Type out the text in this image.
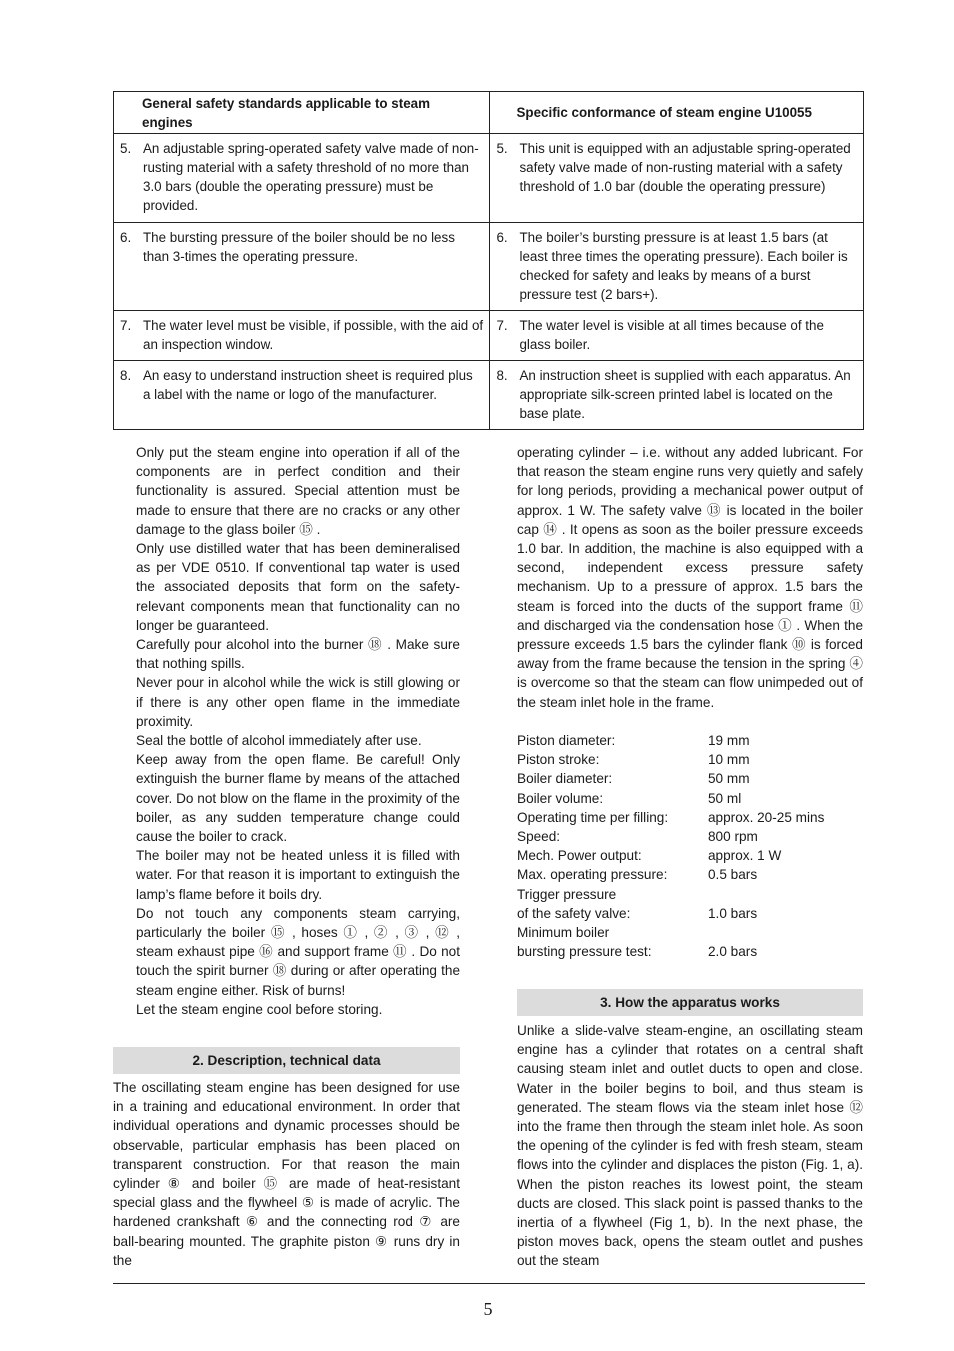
General safety standards applicable to steam engines	Specific conformance of steam engine U10055

5. An adjustable spring-operated safety valve made of non-rusting material with a safety threshold of no more than 3.0 bars (double the operating pressure) must be provided.	5. This unit is equipped with an adjustable spring-operated safety valve made of non-rusting material with a safety threshold of 1.0 bar (double the operating pressure)

6. The bursting pressure of the boiler should be no less than 3-times the operating pressure.	6. The boiler’s bursting pressure is at least 1.5 bars (at least three times the operating pressure). Each boiler is checked for safety and leaks by means of a burst pressure test (2 bars+).

7. The water level must be visible, if possible, with the aid of an inspection window.	7. The water level is visible at all times because of the glass boiler.

8. An easy to understand instruction sheet is required plus a label with the name or logo of the manufacturer.	8. An instruction sheet is supplied with each apparatus. An appropriate silk-screen printed label is located on the base plate.

Only put the steam engine into operation if all of the components are in perfect condition and their functionality is assured. Special attention must be made to ensure that there are no cracks or any other damage to the glass boiler ⑮ .

Only use distilled water that has been demineralised as per VDE 0510. If conventional tap water is used the associated deposits that form on the safety-relevant components mean that functionality can no longer be guaranteed.

Carefully pour alcohol into the burner ⑱ . Make sure that nothing spills.

Never pour in alcohol while the wick is still glowing or if there is any other open flame in the immediate proximity.

Seal the bottle of alcohol immediately after use.

Keep away from the open flame. Be careful! Only extinguish the burner flame by means of the attached cover. Do not blow on the flame in the proximity of the boiler, as any sudden temperature change could cause the boiler to crack.

The boiler may not be heated unless it is filled with water. For that reason it is important to extinguish the lamp’s flame before it boils dry.

Do not touch any components steam carrying, particularly the boiler ⑮ , hoses ① , ② , ③ , ⑫ , steam exhaust pipe ⑯ and support frame ⑪ . Do not touch the spirit burner ⑱ during or after operating the steam engine either. Risk of burns!

Let the steam engine cool before storing.

2. Description, technical data
The oscillating steam engine has been designed for use in a training and educational environment. In order that individual operations and dynamic processes should be observable, particular emphasis has been placed on transparent construction. For that reason the main cylinder ⑧ and boiler ⑮ are made of heat-resistant special glass and the flywheel ⑤ is made of acrylic. The hardened crankshaft ⑥ and the connecting rod ⑦ are ball-bearing mounted. The graphite piston ⑨ runs dry in the
operating cylinder – i.e. without any added lubricant. For that reason the steam engine runs very quietly and safely for long periods, providing a mechanical power output of approx. 1 W. The safety valve ⑬ is located in the boiler cap ⑭ . It opens as soon as the boiler pressure exceeds 1.0 bar. In addition, the machine is also equipped with a second, independent excess pressure safety mechanism. Up to a pressure of approx. 1.5 bars the steam is forced into the ducts of the support frame ⑪ and discharged via the condensation hose ① . When the pressure exceeds 1.5 bars the cylinder flank ⑩ is forced away from the frame because the tension in the spring ④ is overcome so that the steam can flow unimpeded out of the steam inlet hole in the frame.
Piston diameter:	19 mm
Piston stroke:	10 mm
Boiler diameter:	50 mm
Boiler volume:	50 ml
Operating time per filling:	approx. 20-25 mins
Speed:	800 rpm
Mech. Power output:	approx. 1 W
Max. operating pressure:	0.5 bars
Trigger pressure	
of the safety valve:	1.0 bars
Minimum boiler	
bursting pressure test:	2.0 bars
3. How the apparatus works
Unlike a slide-valve steam-engine, an oscillating steam engine has a cylinder that rotates on a central shaft causing steam inlet and outlet ducts to open and close. Water in the boiler begins to boil, and thus steam is generated. The steam flows via the steam inlet hose ⑫ into the frame then through the steam inlet hole. As soon the opening of the cylinder is fed with fresh steam, steam flows into the cylinder and displaces the piston (Fig. 1, a). When the piston reaches its lowest point, the steam ducts are closed. This slack point is passed thanks to the inertia of a flywheel (Fig 1, b). In the next phase, the piston moves back, opens the steam outlet and pushes out the steam
5
